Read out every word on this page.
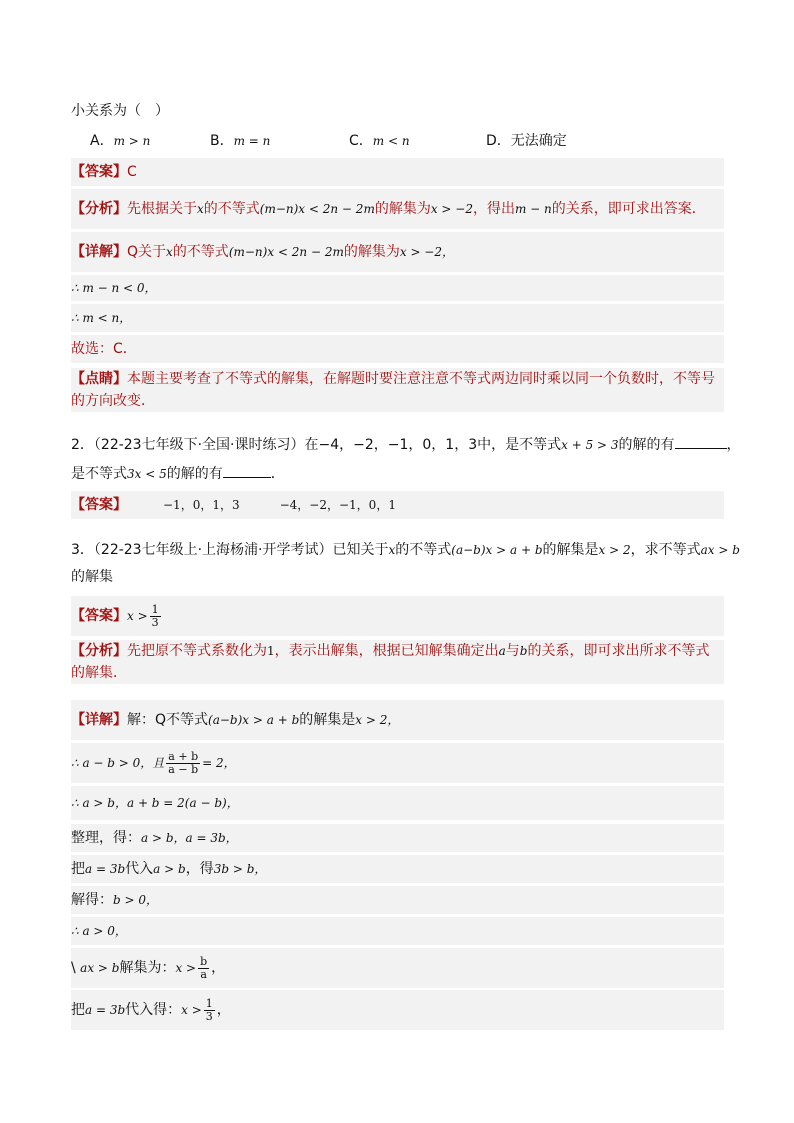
小关系为（　）
A．m > n	B．m = n	C．m < n	D．无法确定
【答案】C
【分析】先根据关于x的不等式(m−n)x < 2n − 2m的解集为x > −2，得出m − n的关系，即可求出答案．
【详解】Q关于x的不等式(m−n)x < 2n − 2m的解集为x > −2，
∴ m − n < 0，
∴ m < n，
故选：C．
【点睛】本题主要考查了不等式的解集，在解题时要注意注意不等式两边同时乘以同一个负数时，不等号
的方向改变．
2．（22-23七年级下·全国·课时练习）在−4，−2，−1，0，1，3中，是不等式x + 5 > 3的解的有	，
是不等式3x < 5的解的有	．
【答案】	−1，0，1，3	−4，−2，−1，0，1
3．（22-23七年级上·上海杨浦·开学考试）已知关于x的不等式(a−b)x > a + b的解集是x > 2，求不等式ax > b
的解集
【答案】$x > \frac{1}{3}$
【分析】先把原不等式系数化为1，表示出解集，根据已知解集确定出a与b的关系，即可求出所求不等式
的解集．
【详解】解：Q不等式(a−b)x > a + b的解集是x > 2，
∴ a − b > 0，且 $\frac{a + b}{a - b} = 2$，
∴ a > b，a + b = 2(a − b)，
整理，得：a > b，a = 3b，
把a = 3b代入a > b，得3b > b，
解得：b > 0，
∴ a > 0，
\ ax > b解集为：$x > \frac{b}{a}$ ，
把a = 3b代入得：$x > \frac{1}{3}$ ，
